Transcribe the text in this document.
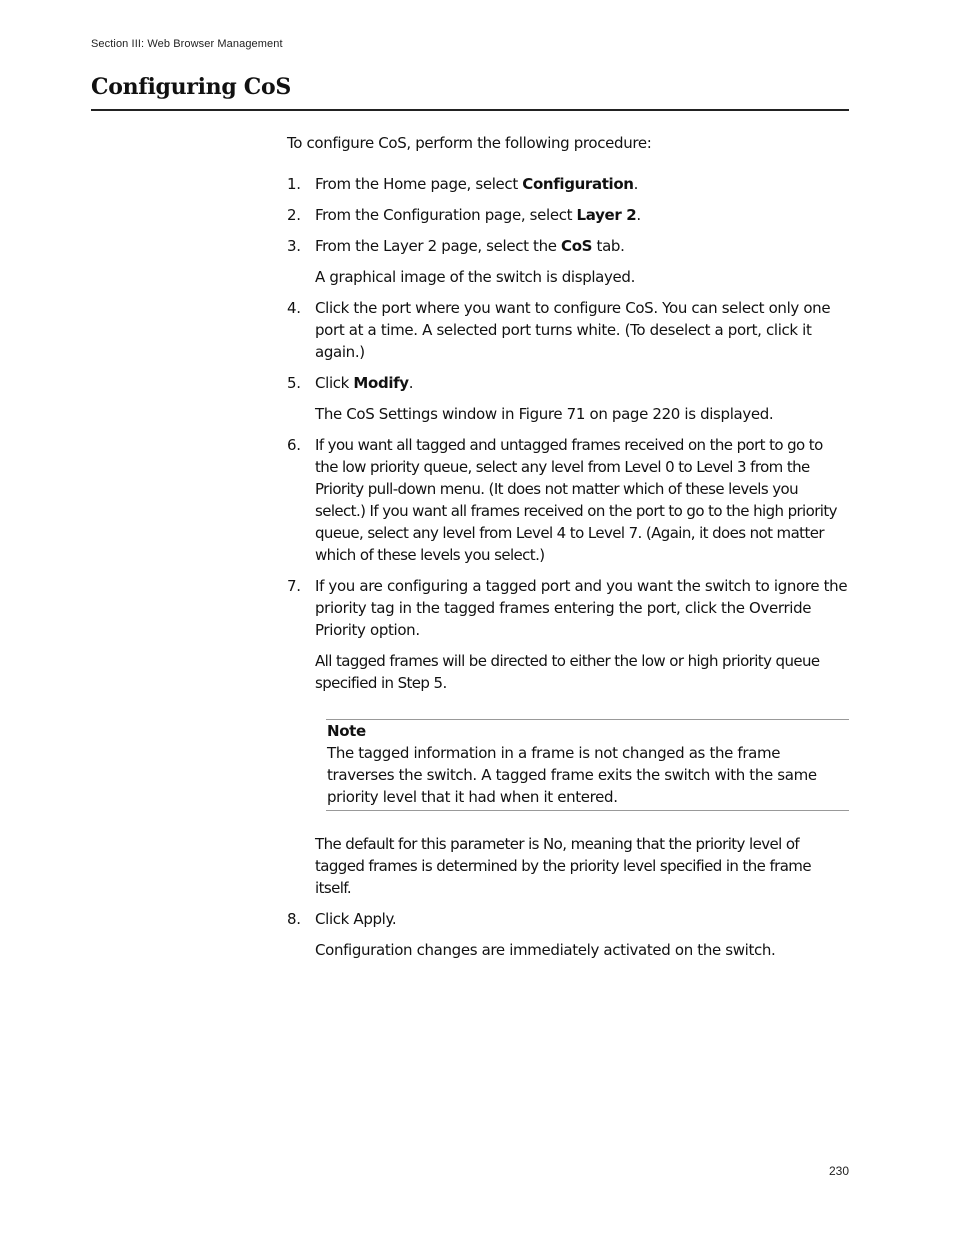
Section III: Web Browser Management
Configuring CoS

To configure CoS, perform the following procedure:

1. From the Home page, select Configuration.

2. From the Configuration page, select Layer 2.

3. From the Layer 2 page, select the CoS tab.

A graphical image of the switch is displayed.

4. Click the port where you want to configure CoS. You can select only one port at a time. A selected port turns white. (To deselect a port, click it again.)

5. Click Modify.

The CoS Settings window in Figure 71 on page 220 is displayed.

6. If you want all tagged and untagged frames received on the port to go to the low priority queue, select any level from Level 0 to Level 3 from the Priority pull-down menu. (It does not matter which of these levels you select.) If you want all frames received on the port to go to the high priority queue, select any level from Level 4 to Level 7. (Again, it does not matter which of these levels you select.)

7. If you are configuring a tagged port and you want the switch to ignore the priority tag in the tagged frames entering the port, click the Override Priority option.

All tagged frames will be directed to either the low or high priority queue specified in Step 5.

Note

The tagged information in a frame is not changed as the frame traverses the switch. A tagged frame exits the switch with the same priority level that it had when it entered.

The default for this parameter is No, meaning that the priority level of tagged frames is determined by the priority level specified in the frame itself.

8. Click Apply.

Configuration changes are immediately activated on the switch.

230
